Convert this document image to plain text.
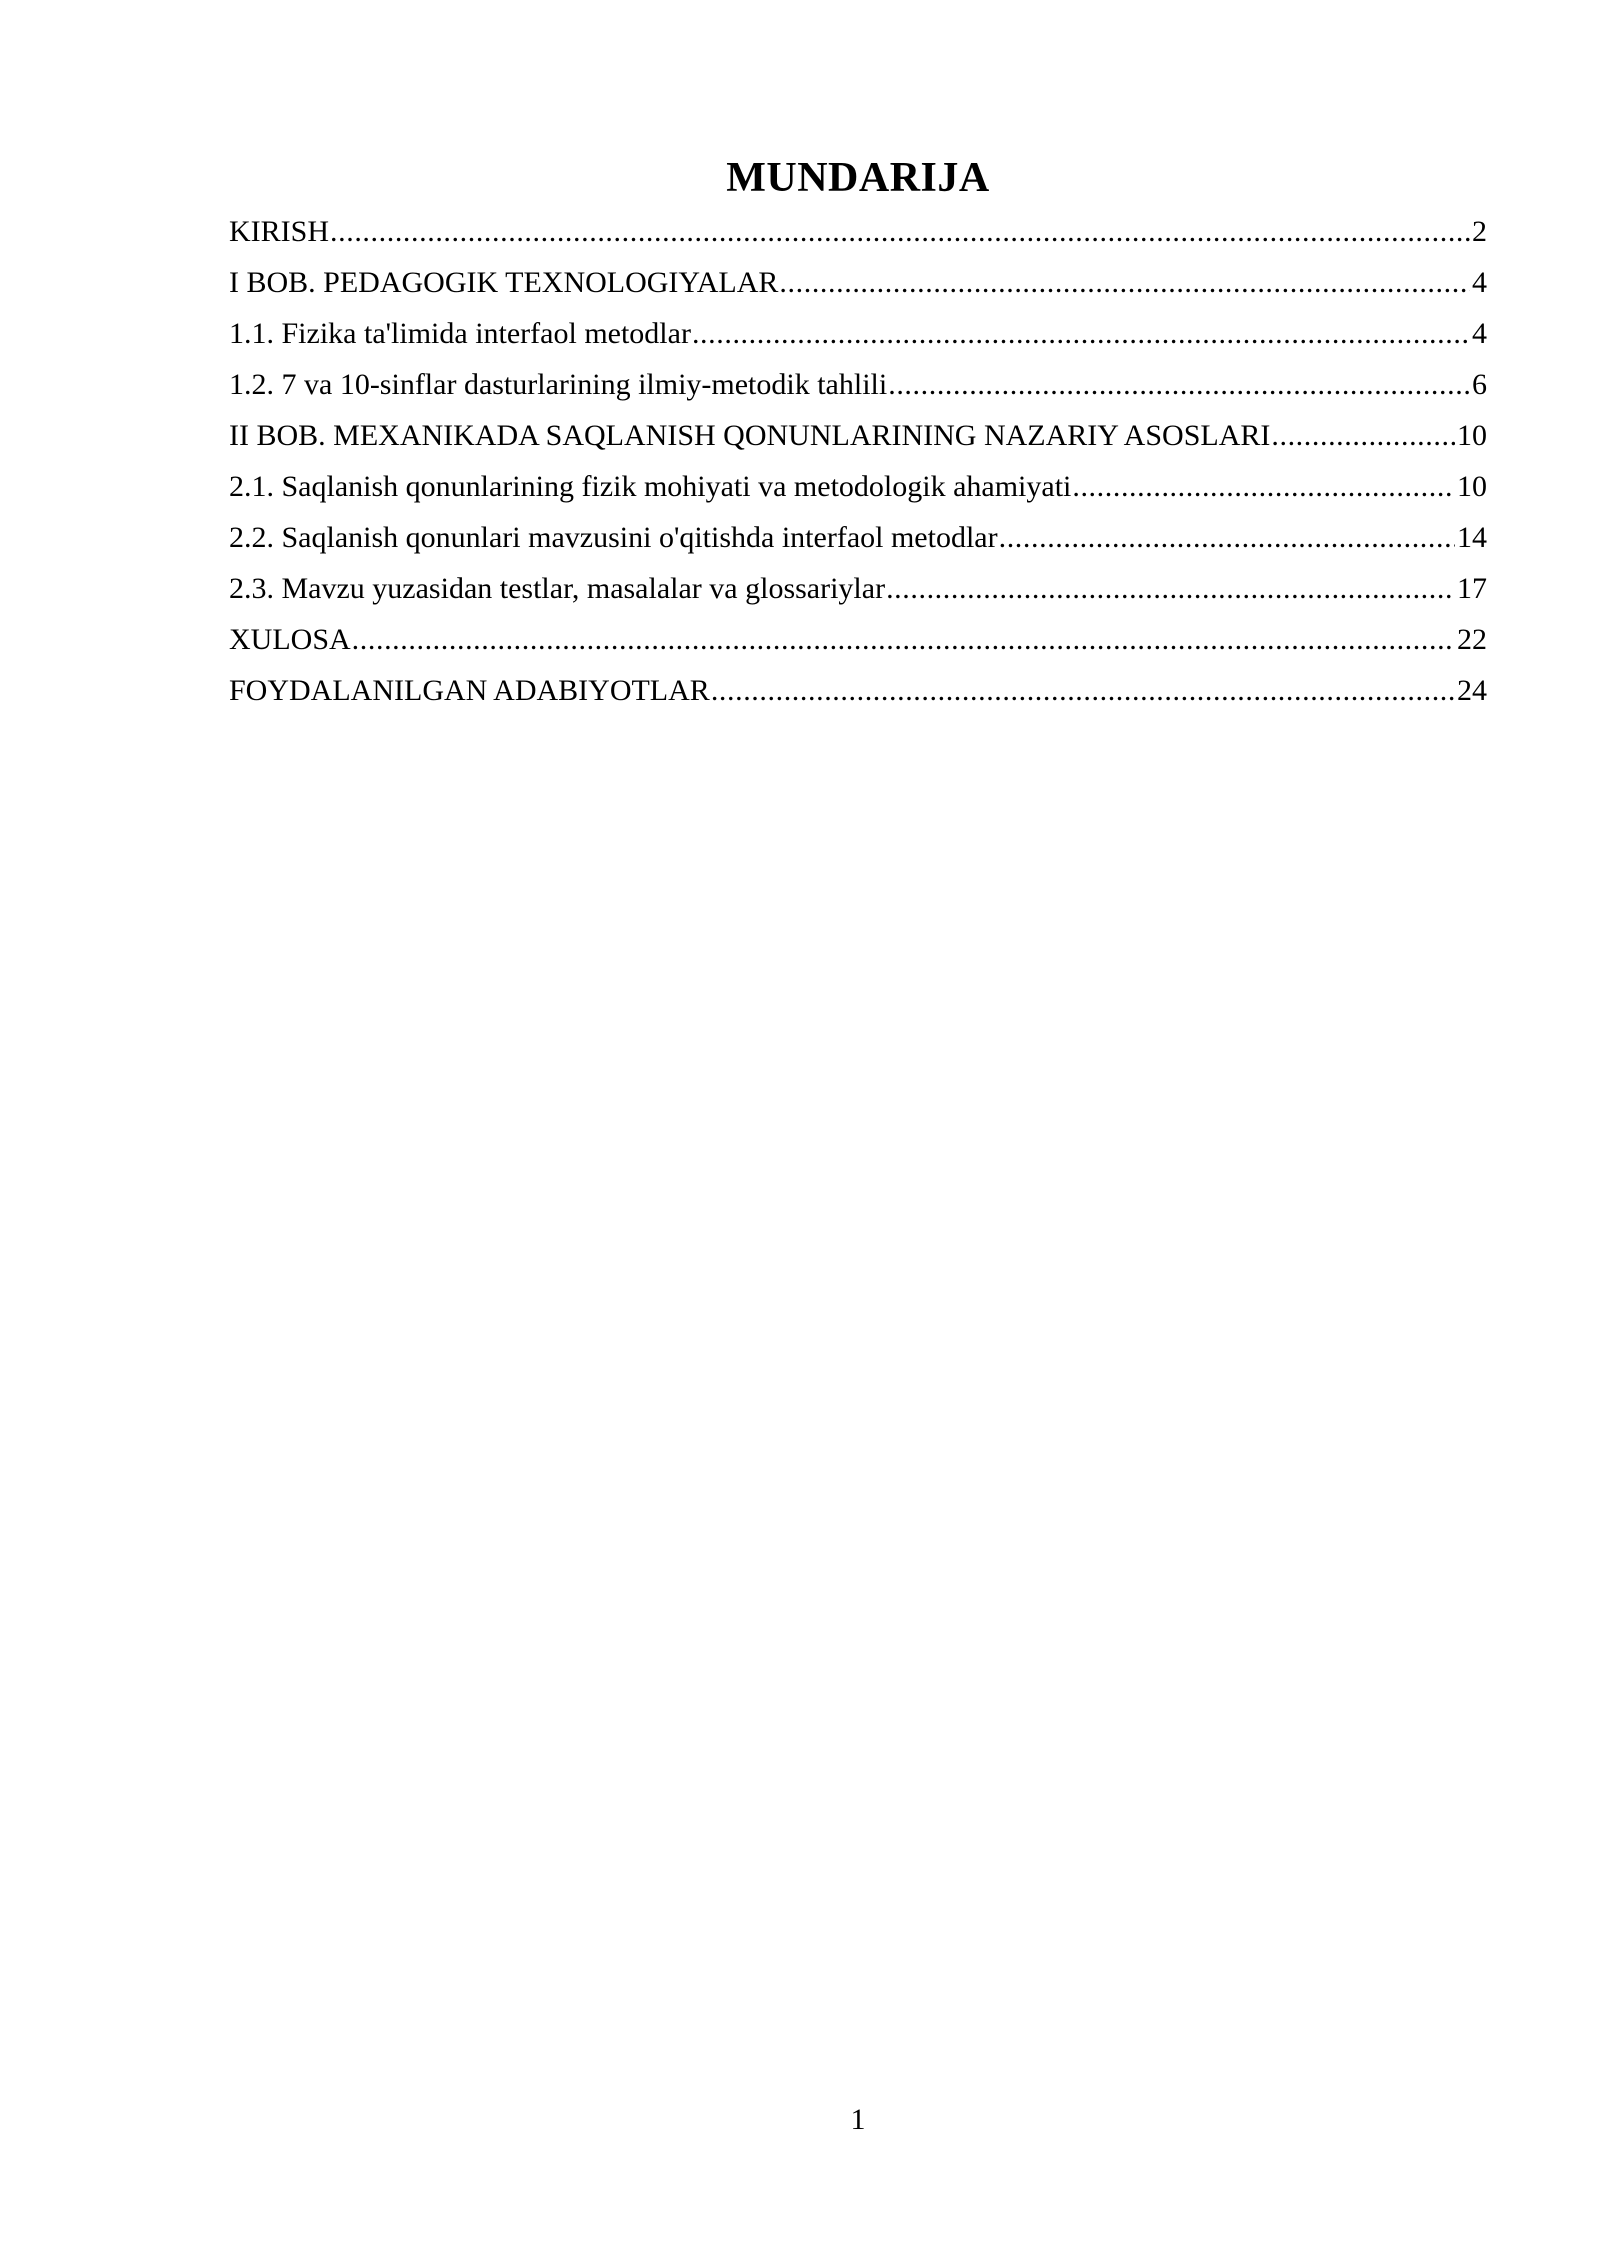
MUNDARIJA
KIRISH .....	2
I BOB. PEDAGOGIK TEXNOLOGIYALAR .....	4
1.1. Fizika ta'limida interfaol metodlar .....	4
1.2. 7 va 10-sinflar dasturlarining ilmiy-metodik tahlili .....	6
II BOB. MEXANIKADA SAQLANISH QONUNLARINING NAZARIY ASOSLARI .....	10
2.1. Saqlanish qonunlarining fizik mohiyati va metodologik ahamiyati .....	10
2.2. Saqlanish qonunlari mavzusini o'qitishda interfaol metodlar .....	14
2.3. Mavzu yuzasidan testlar, masalalar va glossariylar .....	17
XULOSA .....	22
FOYDALANILGAN ADABIYOTLAR .....	24
1
